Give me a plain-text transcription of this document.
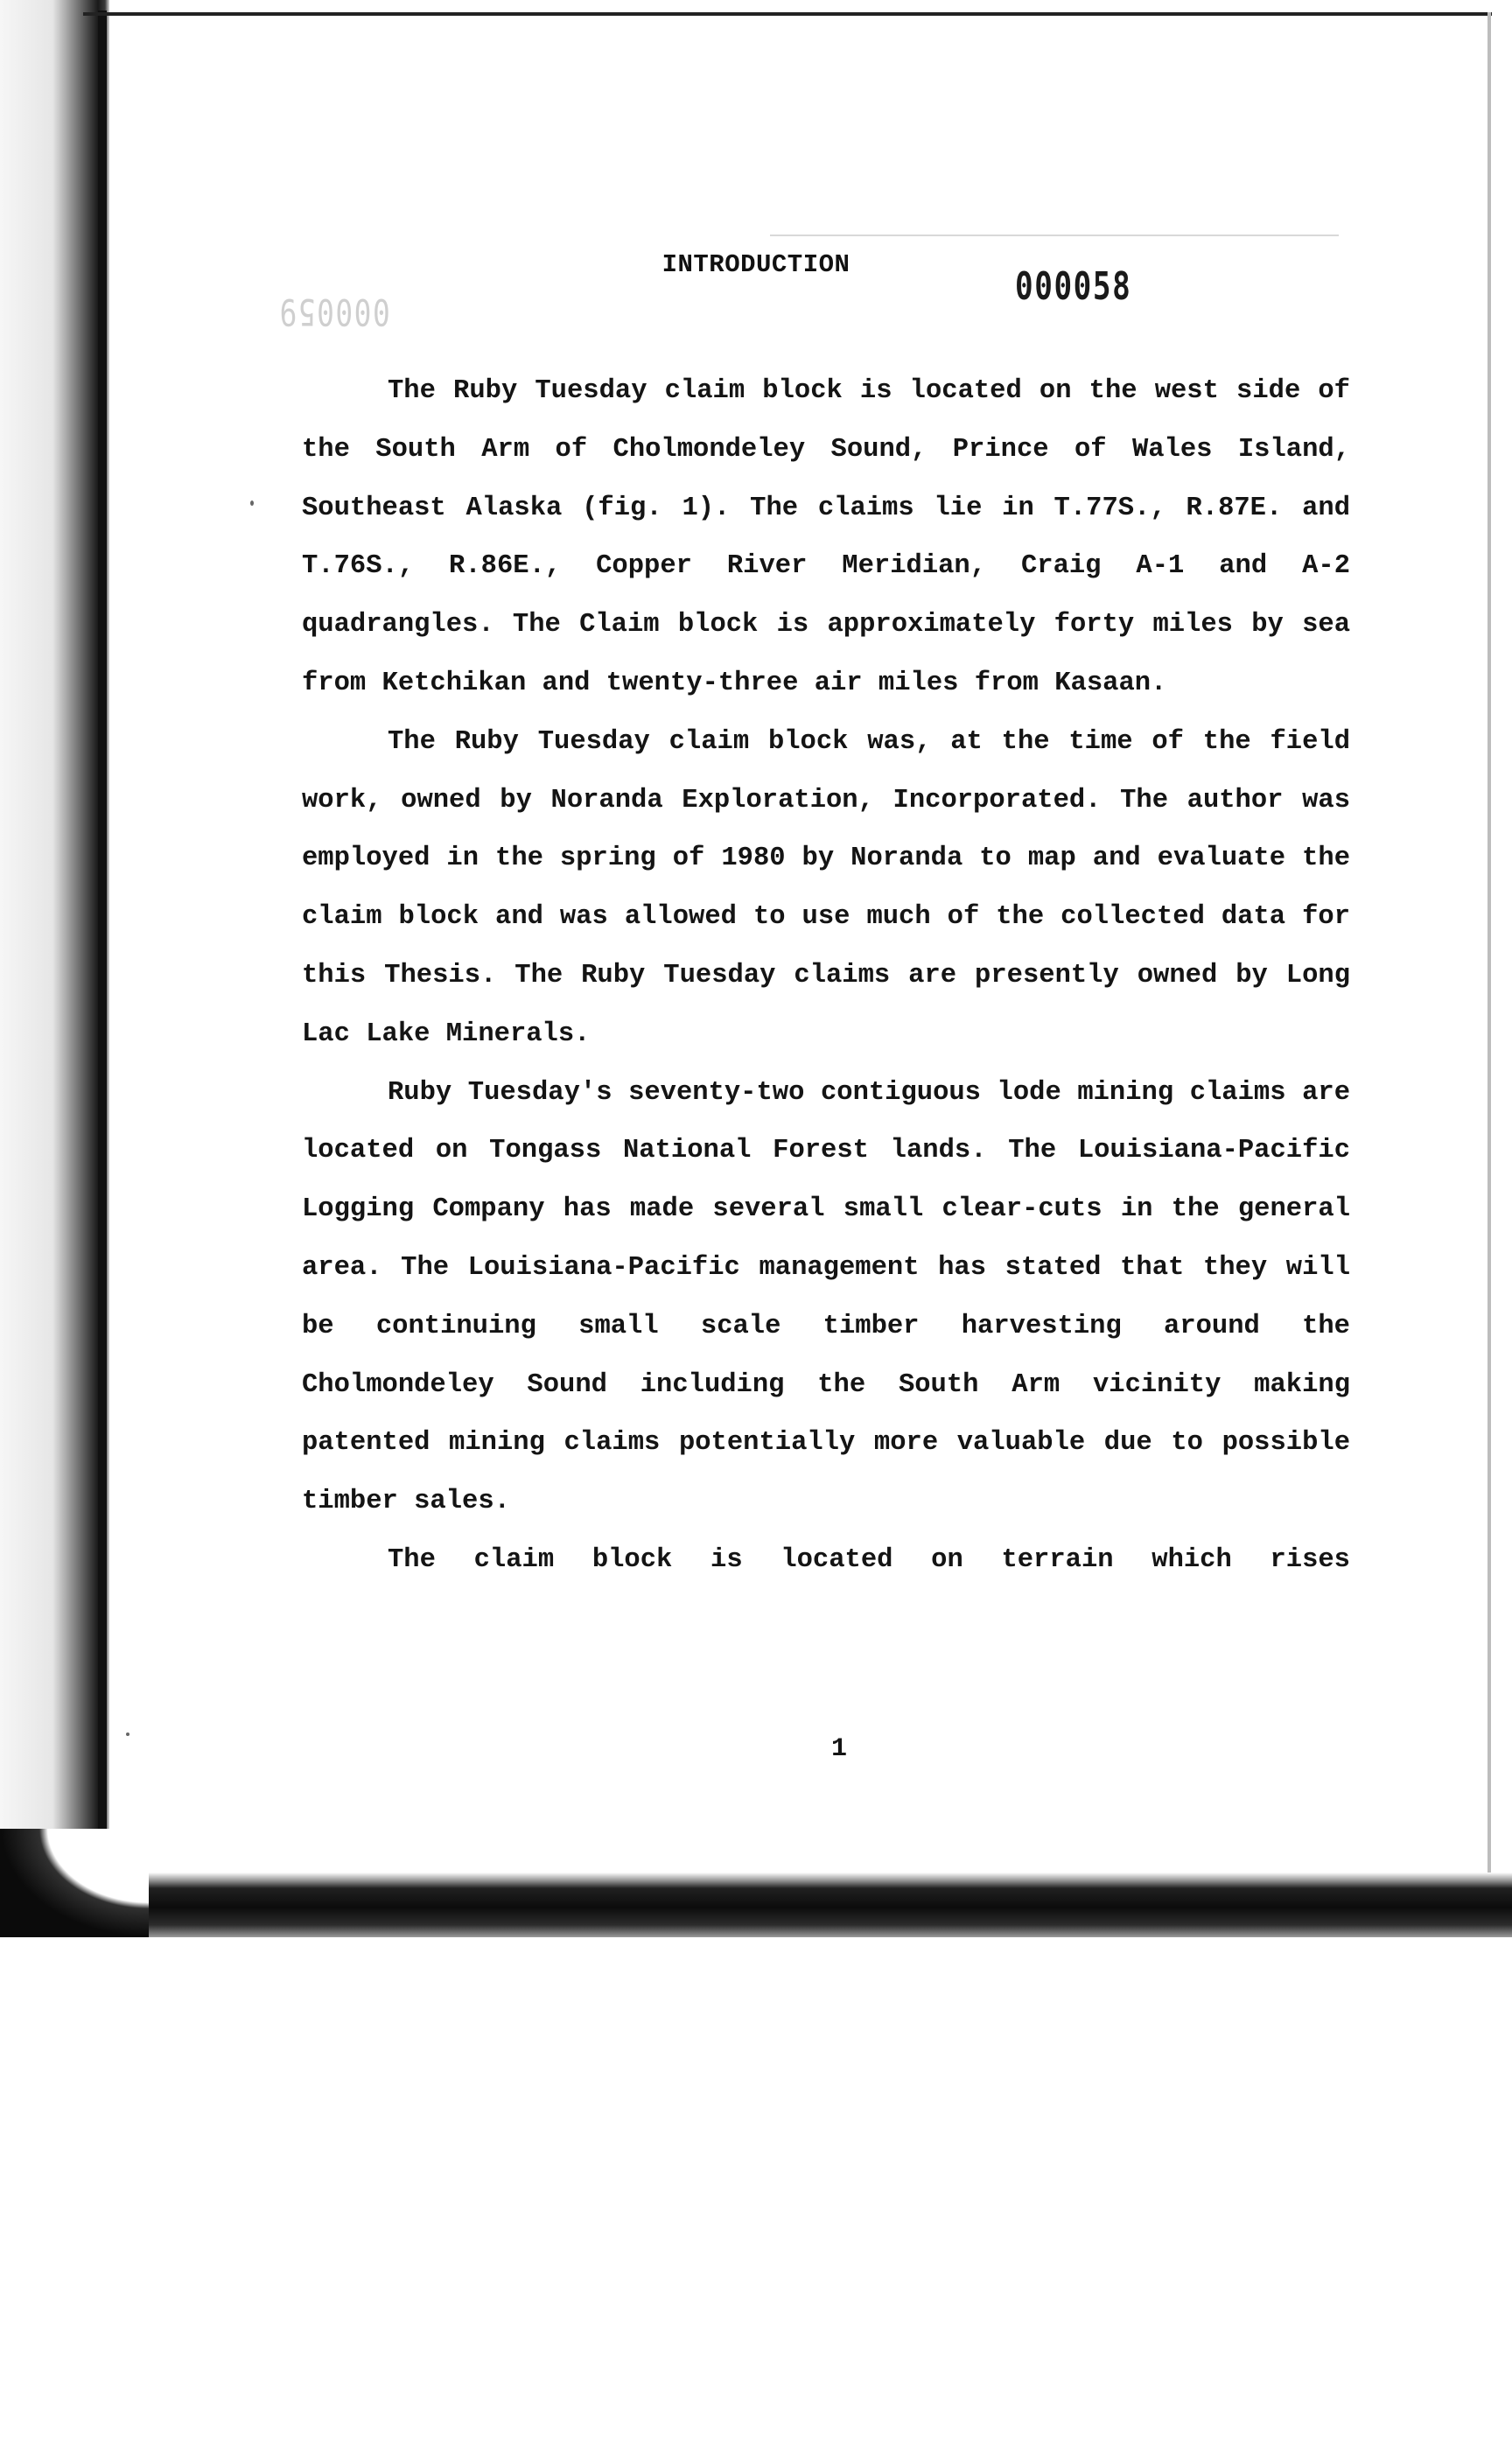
INTRODUCTION	000058
000059

The Ruby Tuesday claim block is located on the west side of the South Arm of Cholmondeley Sound, Prince of Wales Island, Southeast Alaska (fig. 1). The claims lie in T.77S., R.87E. and T.76S., R.86E., Copper River Meridian, Craig A-1 and A-2 quadrangles. The Claim block is approximately forty miles by sea from Ketchikan and twenty-three air miles from Kasaan.

The Ruby Tuesday claim block was, at the time of the field work, owned by Noranda Exploration, Incorporated. The author was employed in the spring of 1980 by Noranda to map and evaluate the claim block and was allowed to use much of the collected data for this Thesis. The Ruby Tuesday claims are presently owned by Long Lac Lake Minerals.

Ruby Tuesday's seventy-two contiguous lode mining claims are located on Tongass National Forest lands. The Louisiana-Pacific Logging Company has made several small clear-cuts in the general area. The Louisiana-Pacific management has stated that they will be continuing small scale timber harvesting around the Cholmondeley Sound including the South Arm vicinity making patented mining claims potentially more valuable due to possible timber sales.

The claim block is located on terrain which rises

1
